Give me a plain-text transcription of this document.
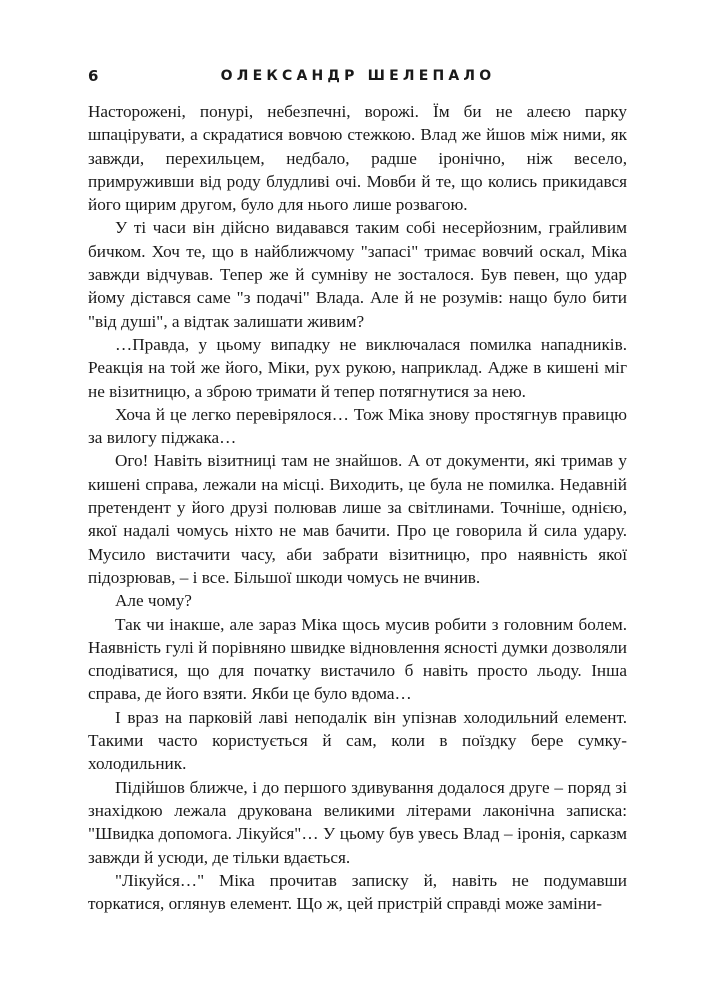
6	ОЛЕКСАНДР ШЕЛЕПАЛО

Насторожені, понурі, небезпечні, ворожі. Їм би не алеєю парку шпацірувати, а скрадатися вовчою стежкою. Влад же йшов між ними, як завжди, перехильцем, недбало, радше іронічно, ніж весело, примруживши від роду блудливі очі. Мовби й те, що колись прикидався його щирим другом, було для нього лише розвагою.

У ті часи він дійсно видавався таким собі несерйозним, грайливим бичком. Хоч те, що в найближчому "запасі" тримає вовчий оскал, Міка завжди відчував. Тепер же й сумніву не зосталося. Був певен, що удар йому дістався саме "з подачі" Влада. Але й не розумів: нащо було бити "від душі", а відтак залишати живим?

…Правда, у цьому випадку не виключалася помилка нападників. Реакція на той же його, Міки, рух рукою, наприклад. Адже в кишені міг не візитницю, а зброю тримати й тепер потягнутися за нею.

Хоча й це легко перевірялося… Тож Міка знову простягнув правицю за вилогу піджака…

Ого! Навіть візитниці там не знайшов. А от документи, які тримав у кишені справа, лежали на місці. Виходить, це була не помилка. Недавній претендент у його друзі полював лише за світлинами. Точніше, однією, якої надалі чомусь ніхто не мав бачити. Про це говорила й сила удару. Мусило вистачити часу, аби забрати візитницю, про наявність якої підозрював, – і все. Більшої шкоди чомусь не вчинив.

Але чому?

Так чи інакше, але зараз Міка щось мусив робити з головним болем. Наявність гулі й порівняно швидке відновлення ясності думки дозволяли сподіватися, що для початку вистачило б навіть просто льоду. Інша справа, де його взяти. Якби це було вдома…

І враз на парковій лаві неподалік він упізнав холодильний елемент. Такими часто користується й сам, коли в поїздку бере сумку-холодильник.

Підійшов ближче, і до першого здивування додалося друге – поряд зі знахідкою лежала друкована великими літерами лаконічна записка: "Швидка допомога. Лікуйся"… У цьому був увесь Влад – іронія, сарказм завжди й усюди, де тільки вдається.

"Лікуйся…" Міка прочитав записку й, навіть не подумавши торкатися, оглянув елемент. Що ж, цей пристрій справді може заміни-
